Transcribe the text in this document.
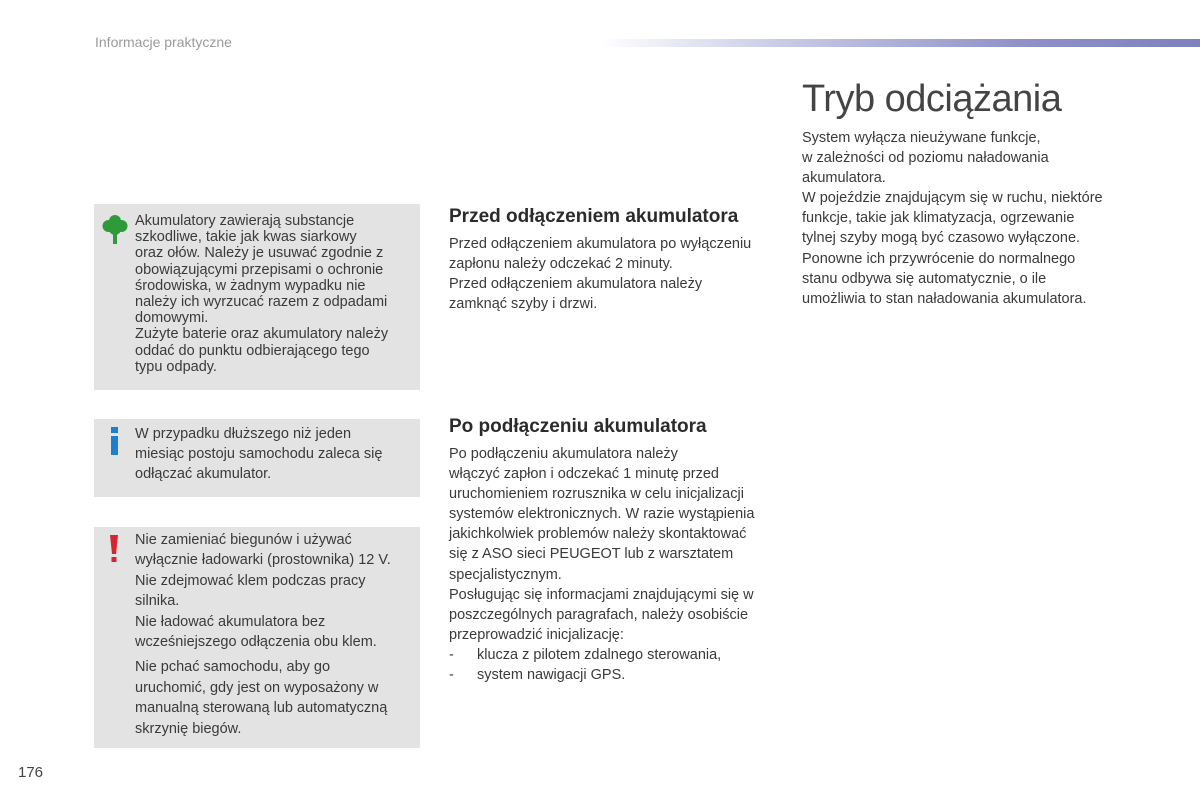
Informacje praktyczne

Akumulatory zawierają substancje

szkodliwe, takie jak kwas siarkowy

oraz ołów. Należy je usuwać zgodnie z

obowiązującymi przepisami o ochronie

środowiska, w żadnym wypadku nie

należy ich wyrzucać razem z odpadami

domowymi.

Zużyte baterie oraz akumulatory należy

oddać do punktu odbierającego tego

typu odpady.

W przypadku dłuższego niż jeden

miesiąc postoju samochodu zaleca się

odłączać akumulator.

Nie zamieniać biegunów i używać

wyłącznie ładowarki (prostownika) 12 V.

Nie zdejmować klem podczas pracy

silnika.

Nie ładować akumulatora bez

wcześniejszego odłączenia obu klem.

Nie pchać samochodu, aby go

uruchomić, gdy jest on wyposażony w

manualną sterowaną lub automatyczną

skrzynię biegów.

Przed odłączeniem akumulatora

Przed odłączeniem akumulatora po wyłączeniu

zapłonu należy odczekać 2 minuty.

Przed odłączeniem akumulatora należy

zamknąć szyby i drzwi.

Po podłączeniu akumulatora

Po podłączeniu akumulatora należy

włączyć zapłon i odczekać 1 minutę przed

uruchomieniem rozrusznika w celu inicjalizacji

systemów elektronicznych. W razie wystąpienia

jakichkolwiek problemów należy skontaktować

się z ASO sieci PEUGEOT lub z warsztatem

specjalistycznym.

Posługując się informacjami znajdującymi się w

poszczególnych paragrafach, należy osobiście

przeprowadzić inicjalizację:

- klucza z pilotem zdalnego sterowania,

- system nawigacji GPS.

Tryb odciążania

System wyłącza nieużywane funkcje,

w zależności od poziomu naładowania

akumulatora.

W pojeździe znajdującym się w ruchu, niektóre

funkcje, takie jak klimatyzacja, ogrzewanie

tylnej szyby mogą być czasowo wyłączone.

Ponowne ich przywrócenie do normalnego

stanu odbywa się automatycznie, o ile

umożliwia to stan naładowania akumulatora.

176
